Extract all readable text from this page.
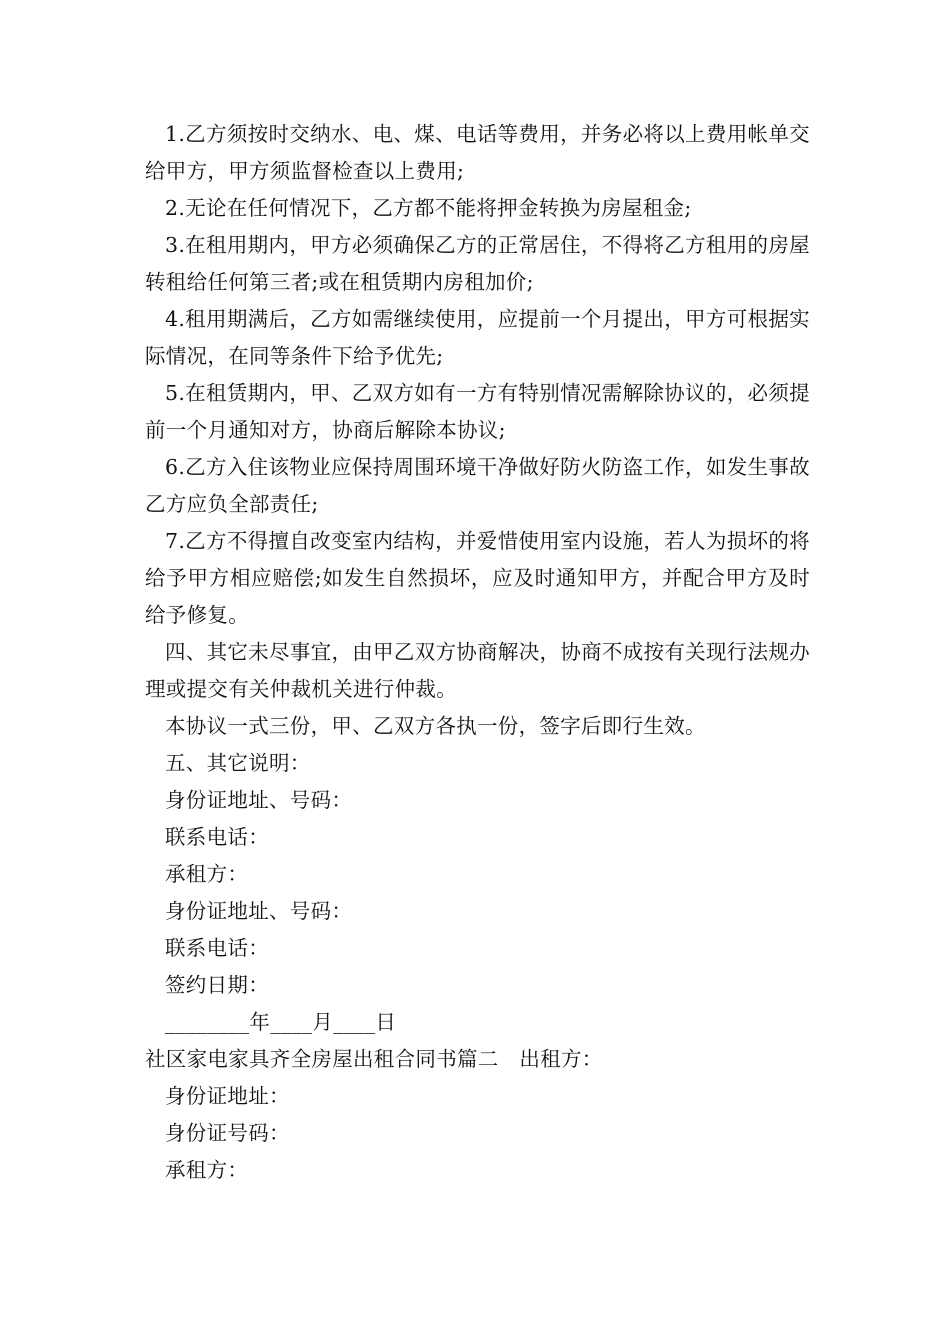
1.乙方须按时交纳水、电、煤、电话等费用，并务必将以上费用帐单交给甲方，甲方须监督检查以上费用;

2.无论在任何情况下，乙方都不能将押金转换为房屋租金;

3.在租用期内，甲方必须确保乙方的正常居住，不得将乙方租用的房屋转租给任何第三者;或在租赁期内房租加价;

4.租用期满后，乙方如需继续使用，应提前一个月提出，甲方可根据实际情况，在同等条件下给予优先;

5.在租赁期内，甲、乙双方如有一方有特别情况需解除协议的，必须提前一个月通知对方，协商后解除本协议;

6.乙方入住该物业应保持周围环境干净做好防火防盗工作，如发生事故乙方应负全部责任;

7.乙方不得擅自改变室内结构，并爱惜使用室内设施，若人为损坏的将给予甲方相应赔偿;如发生自然损坏，应及时通知甲方，并配合甲方及时给予修复。

四、其它未尽事宜，由甲乙双方协商解决，协商不成按有关现行法规办理或提交有关仲裁机关进行仲裁。

本协议一式三份，甲、乙双方各执一份，签字后即行生效。

五、其它说明：

身份证地址、号码：

联系电话：

承租方：

身份证地址、号码：

联系电话：

签约日期：

________年____月____日

社区家电家具齐全房屋出租合同书篇二　出租方：

身份证地址：

身份证号码：

承租方：
